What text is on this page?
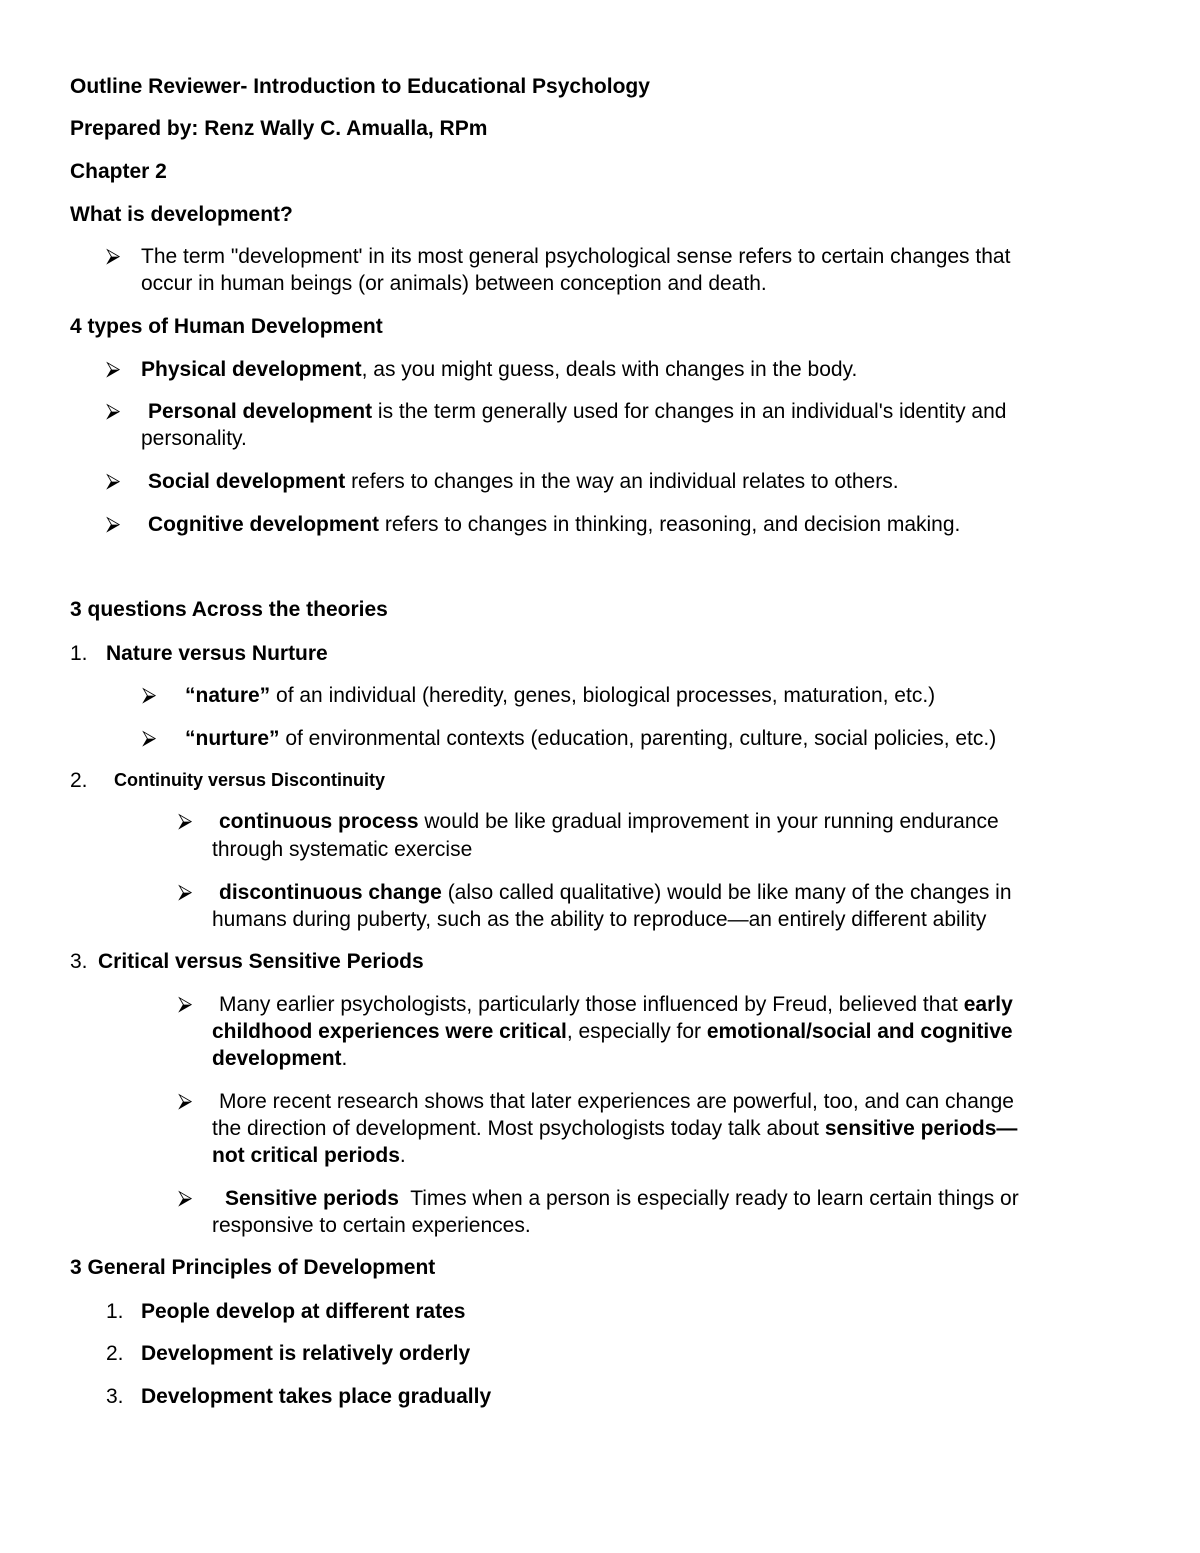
Outline Reviewer- Introduction to Educational Psychology
Prepared by: Renz Wally C. Amualla, RPm
Chapter 2
What is development?
⮚ The term "development' in its most general psychological sense refers to certain changes that
occur in human beings (or animals) between conception and death.
4 types of Human Development
⮚ Physical development, as you might guess, deals with changes in the body.
⮚ Personal development is the term generally used for changes in an individual's identity and
personality.
⮚ Social development refers to changes in the way an individual relates to others.
⮚ Cognitive development refers to changes in thinking, reasoning, and decision making.
3 questions Across the theories
1. Nature versus Nurture
⮚ “nature” of an individual (heredity, genes, biological processes, maturation, etc.)
⮚ “nurture” of environmental contexts (education, parenting, culture, social policies, etc.)
2. Continuity versus Discontinuity
⮚ continuous process would be like gradual improvement in your running endurance
through systematic exercise
⮚ discontinuous change (also called qualitative) would be like many of the changes in
humans during puberty, such as the ability to reproduce—an entirely different ability
3. Critical versus Sensitive Periods
⮚ Many earlier psychologists, particularly those influenced by Freud, believed that early
childhood experiences were critical, especially for emotional/social and cognitive
development.
⮚ More recent research shows that later experiences are powerful, too, and can change
the direction of development. Most psychologists today talk about sensitive periods—
not critical periods.
⮚ Sensitive periods  Times when a person is especially ready to learn certain things or
responsive to certain experiences.
3 General Principles of Development
1. People develop at different rates
2. Development is relatively orderly
3. Development takes place gradually
